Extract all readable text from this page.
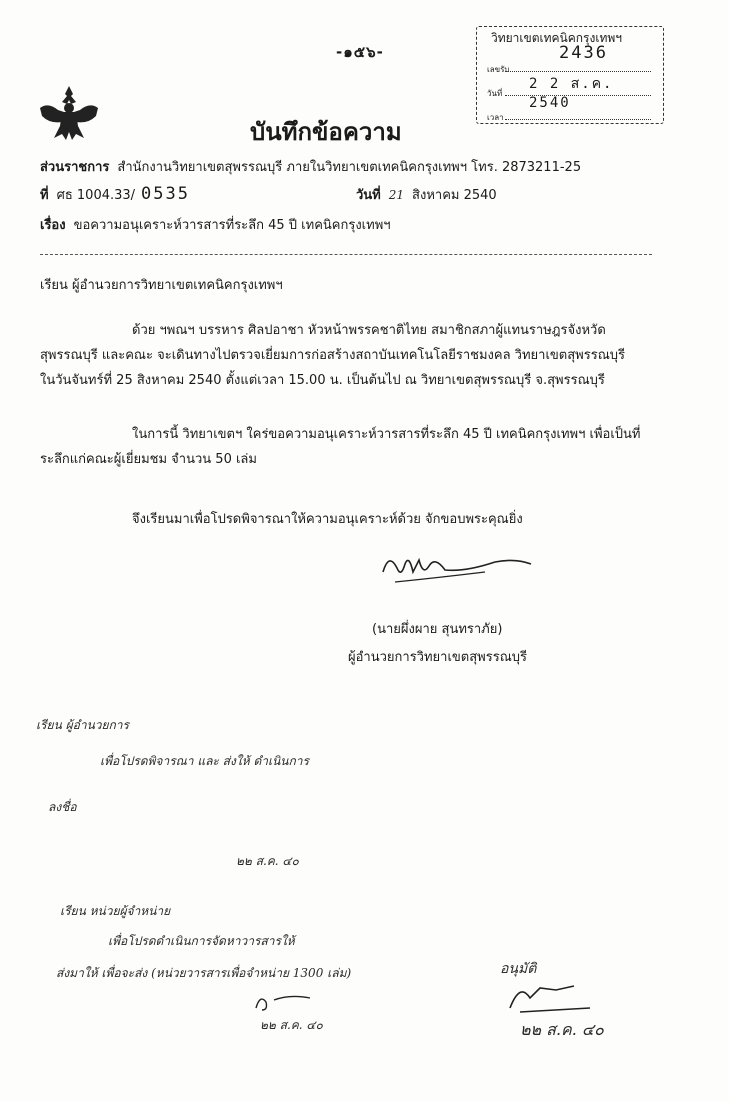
-๑๕๖-
วิทยาเขตเทคนิคกรุงเทพฯ
เลขรับ
2436
วันที่
2 2 ส.ค. 2540
เวลา
บันทึกข้อความ
ส่วนราชการ สำนักงานวิทยาเขตสุพรรณบุรี ภายในวิทยาเขตเทคนิคกรุงเทพฯ โทร. 2873211-25
ที่ ศธ 1004.33/ 0535	วันที่ 21 สิงหาคม 2540
เรื่อง ขอความอนุเคราะห์วารสารที่ระลึก 45 ปี เทคนิคกรุงเทพฯ
เรียน ผู้อำนวยการวิทยาเขตเทคนิคกรุงเทพฯ
ด้วย ฯพณฯ บรรหาร ศิลปอาชา หัวหน้าพรรคชาติไทย สมาชิกสภาผู้แทนราษฎรจังหวัด
สุพรรณบุรี และคณะ จะเดินทางไปตรวจเยี่ยมการก่อสร้างสถาบันเทคโนโลยีราชมงคล วิทยาเขตสุพรรณบุรี
ในวันจันทร์ที่ 25 สิงหาคม 2540 ตั้งแต่เวลา 15.00 น. เป็นต้นไป ณ วิทยาเขตสุพรรณบุรี จ.สุพรรณบุรี
ในการนี้ วิทยาเขตฯ ใคร่ขอความอนุเคราะห์วารสารที่ระลึก 45 ปี เทคนิคกรุงเทพฯ เพื่อเป็นที่
ระลึกแก่คณะผู้เยี่ยมชม จำนวน 50 เล่ม
จึงเรียนมาเพื่อโปรดพิจารณาให้ความอนุเคราะห์ด้วย จักขอบพระคุณยิ่ง
(นายผึ่งผาย สุนทราภัย)
ผู้อำนวยการวิทยาเขตสุพรรณบุรี
เรียน ผู้อำนวยการ
เพื่อโปรดพิจารณา และ ส่งให้ ดำเนินการ
ลงชื่อ
๒๒ ส.ค. ๔๐
เรียน หน่วยผู้จำหน่าย
เพื่อโปรดดำเนินการจัดหาวารสารให้
ส่งมาให้ เพื่อจะส่ง (หน่วยวารสารเพื่อจำหน่าย 1300 เล่ม)
๒๒ ส.ค. ๔๐
อนุมัติ
๒๒ ส.ค. ๔๐
